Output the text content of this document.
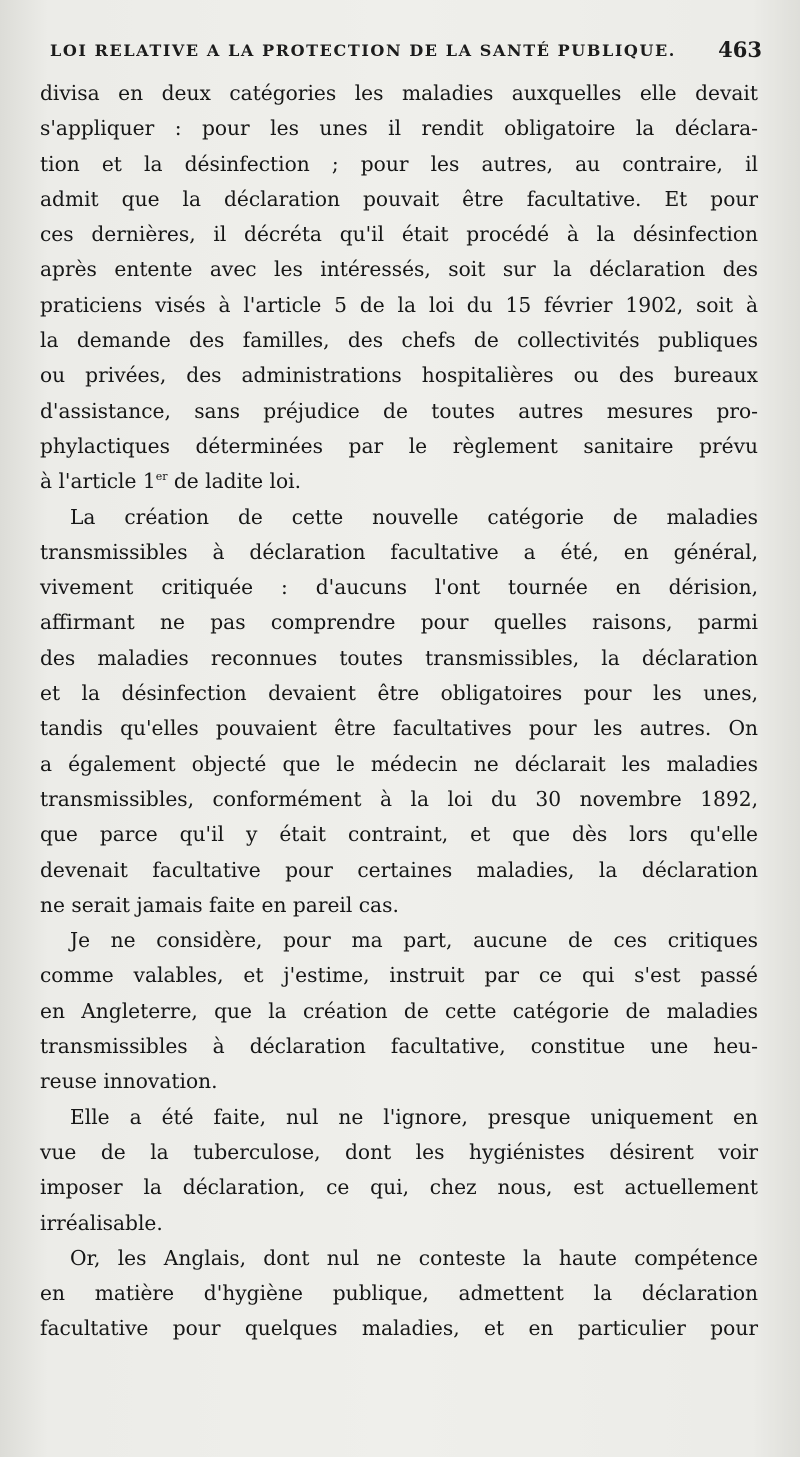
LOI RELATIVE A LA PROTECTION DE LA SANTÉ PUBLIQUE. 463
divisa en deux catégories les maladies auxquelles elle devait
s'appliquer : pour les unes il rendit obligatoire la déclara-
tion et la désinfection ; pour les autres, au contraire, il
admit que la déclaration pouvait être facultative. Et pour
ces dernières, il décréta qu'il était procédé à la désinfection
après entente avec les intéressés, soit sur la déclaration des
praticiens visés à l'article 5 de la loi du 15 février 1902, soit à
la demande des familles, des chefs de collectivités publiques
ou privées, des administrations hospitalières ou des bureaux
d'assistance, sans préjudice de toutes autres mesures pro-
phylactiques déterminées par le règlement sanitaire prévu
à l'article 1er de ladite loi.
La création de cette nouvelle catégorie de maladies
transmissibles à déclaration facultative a été, en général,
vivement critiquée : d'aucuns l'ont tournée en dérision,
affirmant ne pas comprendre pour quelles raisons, parmi
des maladies reconnues toutes transmissibles, la déclaration
et la désinfection devaient être obligatoires pour les unes,
tandis qu'elles pouvaient être facultatives pour les autres. On
a également objecté que le médecin ne déclarait les maladies
transmissibles, conformément à la loi du 30 novembre 1892,
que parce qu'il y était contraint, et que dès lors qu'elle
devenait facultative pour certaines maladies, la déclaration
ne serait jamais faite en pareil cas.
Je ne considère, pour ma part, aucune de ces critiques
comme valables, et j'estime, instruit par ce qui s'est passé
en Angleterre, que la création de cette catégorie de maladies
transmissibles à déclaration facultative, constitue une heu-
reuse innovation.
Elle a été faite, nul ne l'ignore, presque uniquement en
vue de la tuberculose, dont les hygiénistes désirent voir
imposer la déclaration, ce qui, chez nous, est actuellement
irréalisable.
Or, les Anglais, dont nul ne conteste la haute compétence
en matière d'hygiène publique, admettent la déclaration
facultative pour quelques maladies, et en particulier pour
